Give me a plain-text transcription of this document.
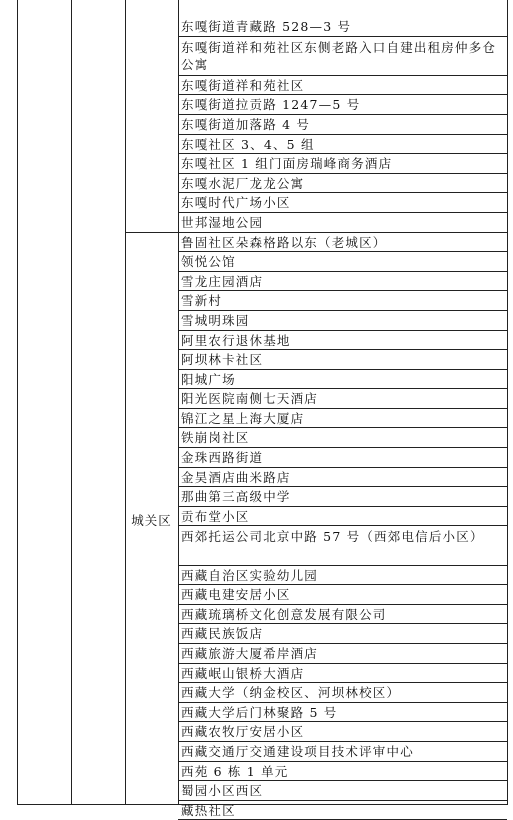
城关区
东嘎街道青藏路 528—3 号
东嘎街道祥和苑社区东侧老路入口自建出租房仲多仓公寓
东嘎街道祥和苑社区
东嘎街道拉贡路 1247—5 号
东嘎街道加落路 4 号
东嘎社区 3、4、5 组
东嘎社区 1 组门面房瑞峰商务酒店
东嘎水泥厂龙龙公寓
东嘎时代广场小区
世邦湿地公园
鲁固社区朵森格路以东（老城区）
领悦公馆
雪龙庄园酒店
雪新村
雪城明珠园
阿里农行退休基地
阿坝林卡社区
阳城广场
阳光医院南侧七天酒店
锦江之星上海大厦店
铁崩岗社区
金珠西路街道
金昊酒店曲米路店
那曲第三高级中学
贡布堂小区
西郊托运公司北京中路 57 号（西郊电信后小区）
西藏自治区实验幼儿园
西藏电建安居小区
西藏琉璃桥文化创意发展有限公司
西藏民族饭店
西藏旅游大厦希岸酒店
西藏岷山银桥大酒店
西藏大学（纳金校区、河坝林校区）
西藏大学后门林聚路 5 号
西藏农牧厅安居小区
西藏交通厅交通建设项目技术评审中心
西苑 6 栋 1 单元
蜀园小区西区
藏热社区
